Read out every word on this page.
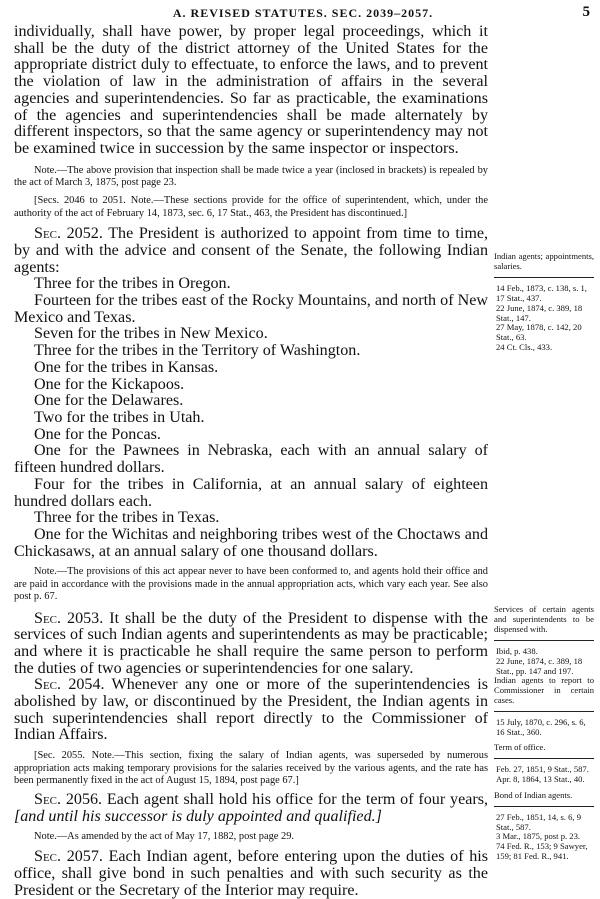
A. REVISED STATUTES. SEC. 2039–2057.	5

individually, shall have power, by proper legal proceedings, which it shall be the duty of the district attorney of the United States for the appropriate district duly to effectuate, to enforce the laws, and to prevent the violation of law in the administration of affairs in the several agencies and superintendencies. So far as practicable, the examinations of the agencies and superintendencies shall be made alternately by different inspectors, so that the same agency or superintendency may not be examined twice in succession by the same inspector or inspectors.

Note.—The above provision that inspection shall be made twice a year (inclosed in brackets) is repealed by the act of March 3, 1875, post page 23.

[Secs. 2046 to 2051. Note.—These sections provide for the office of superintendent, which, under the authority of the act of February 14, 1873, sec. 6, 17 Stat., 463, the President has discontinued.]

Sec. 2052. The President is authorized to appoint from time to time, by and with the advice and consent of the Senate, the following Indian agents:

Three for the tribes in Oregon.

Fourteen for the tribes east of the Rocky Mountains, and north of New Mexico and Texas.

Seven for the tribes in New Mexico.

Three for the tribes in the Territory of Washington.

One for the tribes in Kansas.

One for the Kickapoos.

One for the Delawares.

Two for the tribes in Utah.

One for the Poncas.

One for the Pawnees in Nebraska, each with an annual salary of fifteen hundred dollars.

Four for the tribes in California, at an annual salary of eighteen hundred dollars each.

Three for the tribes in Texas.

One for the Wichitas and neighboring tribes west of the Choctaws and Chickasaws, at an annual salary of one thousand dollars.

Note.—The provisions of this act appear never to have been conformed to, and agents hold their office and are paid in accordance with the provisions made in the annual appropriation acts, which vary each year. See also post p. 67.

Sec. 2053. It shall be the duty of the President to dispense with the services of such Indian agents and superintendents as may be practicable; and where it is practicable he shall require the same person to perform the duties of two agencies or superintendencies for one salary.

Sec. 2054. Whenever any one or more of the superintendencies is abolished by law, or discontinued by the President, the Indian agents in such superintendencies shall report directly to the Commissioner of Indian Affairs.

[Sec. 2055. Note.—This section, fixing the salary of Indian agents, was superseded by numerous appropriation acts making temporary provisions for the salaries received by the various agents, and the rate has been permanently fixed in the act of August 15, 1894, post page 67.]

Sec. 2056. Each agent shall hold his office for the term of four years, [and until his successor is duly appointed and qualified.]

Note.—As amended by the act of May 17, 1882, post page 29.

Sec. 2057. Each Indian agent, before entering upon the duties of his office, shall give bond in such penalties and with such security as the President or the Secretary of the Interior may require.

Indian agents; appointments, salaries.

14 Feb., 1873, c. 138, s. 1, 17 Stat., 437.

22 June, 1874, c. 389, 18 Stat., 147.

27 May, 1878, c. 142, 20 Stat., 63.

24 Ct. Cls., 433.

Services of certain agents and superintendents to be dispensed with.

Ibid, p. 438.

22 June, 1874, c. 389, 18 Stat., pp. 147 and 197.

Indian agents to report to Commissioner in certain cases.

15 July, 1870, c. 296, s. 6, 16 Stat., 360.

Term of office.

Feb. 27, 1851, 9 Stat., 587.

Apr. 8, 1864, 13 Stat., 40.

Bond of Indian agents.

27 Feb., 1851, 14, s. 6, 9 Stat., 587.

3 Mar., 1875, post p. 23.

74 Fed. R., 153; 9 Sawyer, 159; 81 Fed. R., 941.
